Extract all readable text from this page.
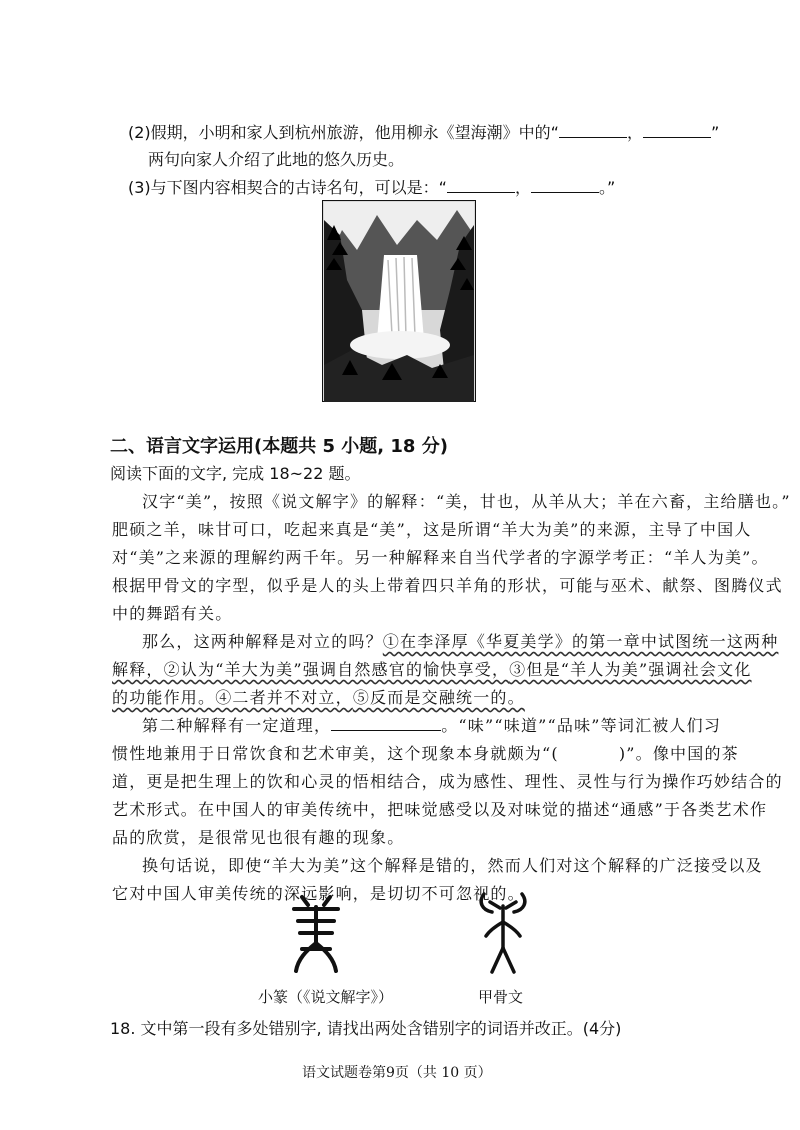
(2)假期，小明和家人到杭州旅游，他用柳永《望海潮》中的“	，	”
两句向家人介绍了此地的悠久历史。
(3)与下图内容相契合的古诗名句，可以是：“	，	。”
二、语言文字运用(本题共 5 小题, 18 分)
阅读下面的文字, 完成 18~22 题。
汉字“美”，按照《说文解字》的解释：“美，甘也，从羊从大；羊在六畜，主给膳也。”
肥硕之羊，味甘可口，吃起来真是“美”，这是所谓“羊大为美”的来源，主导了中国人
对“美”之来源的理解约两千年。另一种解释来自当代学者的字源学考正：“羊人为美”。
根据甲骨文的字型，似乎是人的头上带着四只羊角的形状，可能与巫术、献祭、图腾仪式
中的舞蹈有关。
那么，这两种解释是对立的吗？①在李泽厚《华夏美学》的第一章中试图统一这两种
解释，②认为“羊大为美”强调自然感官的愉快享受，③但是“羊人为美”强调社会文化
的功能作用。④二者并不对立，⑤反而是交融统一的。
第二种解释有一定道理，	。“味”“味道”“品味”等词汇被人们习
惯性地兼用于日常饮食和艺术审美，这个现象本身就颇为“(	)”。像中国的茶
道，更是把生理上的饮和心灵的悟相结合，成为感性、理性、灵性与行为操作巧妙结合的
艺术形式。在中国人的审美传统中，把味觉感受以及对味觉的描述“通感”于各类艺术作
品的欣赏，是很常见也很有趣的现象。
换句话说，即使“羊大为美”这个解释是错的，然而人们对这个解释的广泛接受以及
它对中国人审美传统的深远影响，是切切不可忽视的。
小篆（《说文解字》）	甲骨文
18. 文中第一段有多处错别字, 请找出两处含错别字的词语并改正。(4分)
语文试题卷第9页（共 10 页）
